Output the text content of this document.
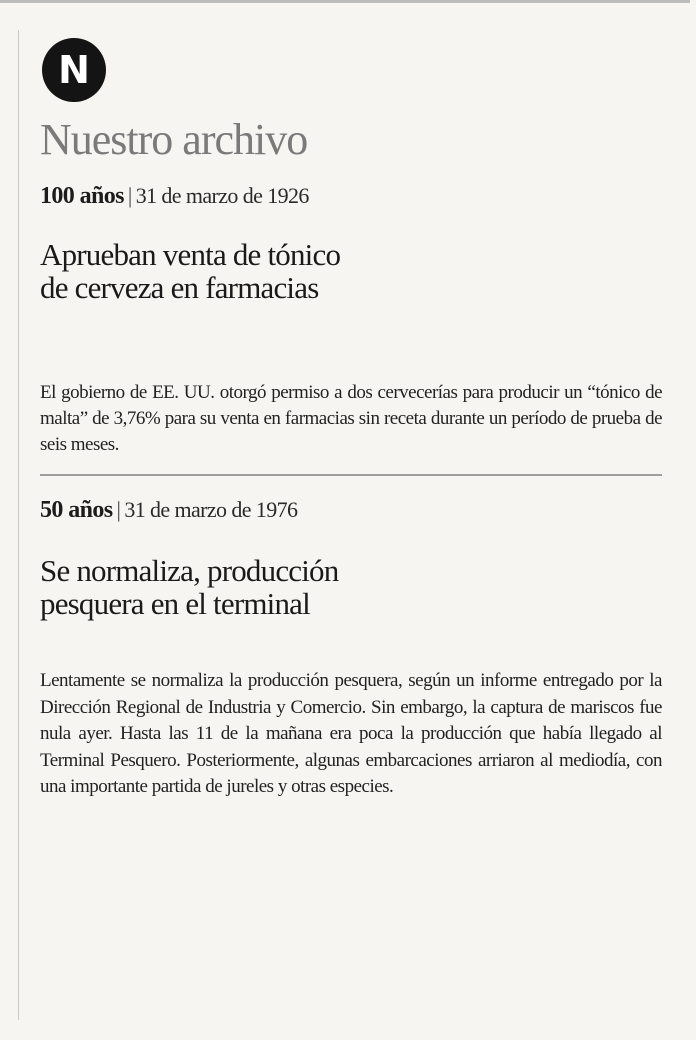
N
Nuestro archivo
100 años | 31 de marzo de 1926
Aprueban venta de tónico
de cerveza en farmacias

El gobierno de EE. UU. otorgó permiso a dos cervecerías para producir un “tónico de malta” de 3,76% para su venta en farmacias sin receta durante un período de prueba de seis meses.

50 años | 31 de marzo de 1976
Se normaliza, producción
pesquera en el terminal

Lentamente se normaliza la producción pesquera, según un informe entregado por la Dirección Regional de Industria y Comercio. Sin embargo, la captura de mariscos fue nula ayer. Hasta las 11 de la mañana era poca la producción que había llegado al Terminal Pesquero. Posteriormente, algunas embarcaciones arriaron al mediodía, con una importante partida de jureles y otras especies.
